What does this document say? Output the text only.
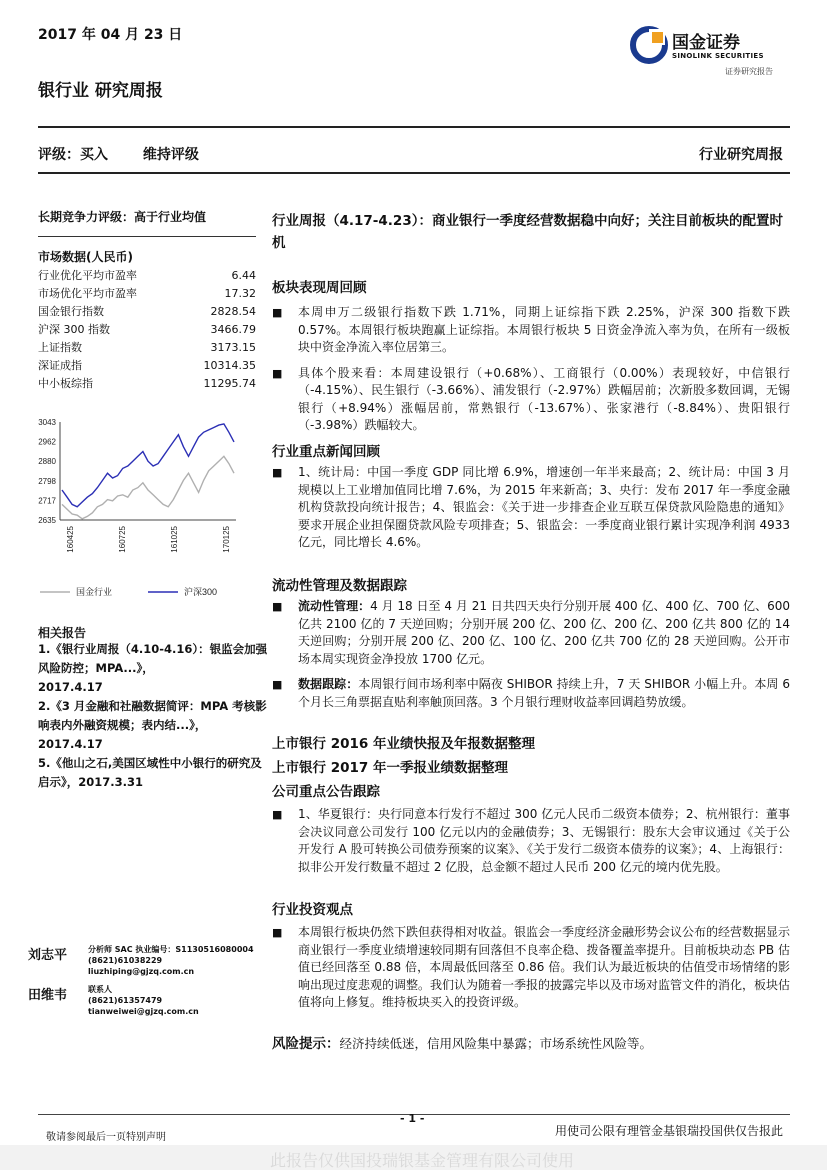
2017 年 04 月 23 日
银行业 研究周报
国金证券
SINOLINK SECURITIES
证券研究报告
评级：买入 维持评级	行业研究周报
长期竞争力评级：高于行业均值
市场数据(人民币)
行业优化平均市盈率	6.44
市场优化平均市盈率	17.32
国金银行指数	2828.54
沪深 300 指数	3466.79
上证指数	3173.15
深证成指	10314.35
中小板综指	11295.74
2635
2717
2798
2880
2962
3043
160425	160725	161025	170125
国金行业	沪深300
相关报告
1.《银行业周报（4.10-4.16）：银监会加强风险防控；MPA...》，
2017.4.17
2.《3 月金融和社融数据简评：MPA 考核影响表内外融资规模；表内结...》，2017.4.17
5.《他山之石,美国区域性中小银行的研究及启示》，2017.3.31
刘志平	分析师 SAC 执业编号：S1130516080004
(8621)61038229
liuzhiping@gjzq.com.cn
田维韦	联系人
(8621)61357479
tianweiwei@gjzq.com.cn
行业周报（4.17-4.23）：商业银行一季度经营数据稳中向好；关注目前板块的配置时机
板块表现周回顾
■ 本周申万二级银行指数下跌 1.71%，同期上证综指下跌 2.25%，沪深 300 指数下跌 0.57%。本周银行板块跑赢上证综指。本周银行板块 5 日资金净流入率为负，在所有一级板块中资金净流入率位居第三。
■ 具体个股来看：本周建设银行（+0.68%）、工商银行（0.00%）表现较好，中信银行（-4.15%）、民生银行（-3.66%）、浦发银行（-2.97%）跌幅居前；次新股多数回调，无锡银行（+8.94%）涨幅居前，常熟银行（-13.67%）、张家港行（-8.84%）、贵阳银行（-3.98%）跌幅较大。
行业重点新闻回顾
■ 1、统计局：中国一季度 GDP 同比增 6.9%，增速创一年半来最高；2、统计局：中国 3 月规模以上工业增加值同比增 7.6%，为 2015 年来新高；3、央行：发布 2017 年一季度金融机构贷款投向统计报告；4、银监会：《关于进一步排查企业互联互保贷款风险隐患的通知》要求开展企业担保圈贷款风险专项排查；5、银监会：一季度商业银行累计实现净利润 4933 亿元，同比增长 4.6%。
流动性管理及数据跟踪
■ 流动性管理：4 月 18 日至 4 月 21 日共四天央行分别开展 400 亿、400 亿、700 亿、600 亿共 2100 亿的 7 天逆回购；分别开展 200 亿、200 亿、200 亿、200 亿共 800 亿的 14 天逆回购；分别开展 200 亿、200 亿、100 亿、200 亿共 700 亿的 28 天逆回购。公开市场本周实现资金净投放 1700 亿元。
■ 数据跟踪：本周银行间市场利率中隔夜 SHIBOR 持续上升，7 天 SHIBOR 小幅上升。本周 6 个月长三角票据直贴利率触顶回落。3 个月银行理财收益率回调趋势放缓。
上市银行 2016 年业绩快报及年报数据整理
上市银行 2017 年一季报业绩数据整理
公司重点公告跟踪
■ 1、华夏银行：央行同意本行发行不超过 300 亿元人民币二级资本债券；2、杭州银行：董事会决议同意公司发行 100 亿元以内的金融债券；3、无锡银行：股东大会审议通过《关于公开发行 A 股可转换公司债券预案的议案》、《关于发行二级资本债券的议案》；4、上海银行：拟非公开发行数量不超过 2 亿股，总金额不超过人民币 200 亿元的境内优先股。
行业投资观点
■ 本周银行板块仍然下跌但获得相对收益。银监会一季度经济金融形势会议公布的经营数据显示商业银行一季度业绩增速较同期有回落但不良率企稳、拨备覆盖率提升。目前板块动态 PB 估值已经回落至 0.88 倍，本周最低回落至 0.86 倍。我们认为最近板块的估值受市场情绪的影响出现过度悲观的调整。我们认为随着一季报的披露完毕以及市场对监管文件的消化，板块估值将向上修复。维持板块买入的投资评级。
风险提示：经济持续低迷，信用风险集中暴露；市场系统性风险等。
- 1 -
敬请参阅最后一页特别声明	用使司公限有理管金基银瑞投国供仅告报此
此报告仅供国投瑞银基金管理有限公司使用
